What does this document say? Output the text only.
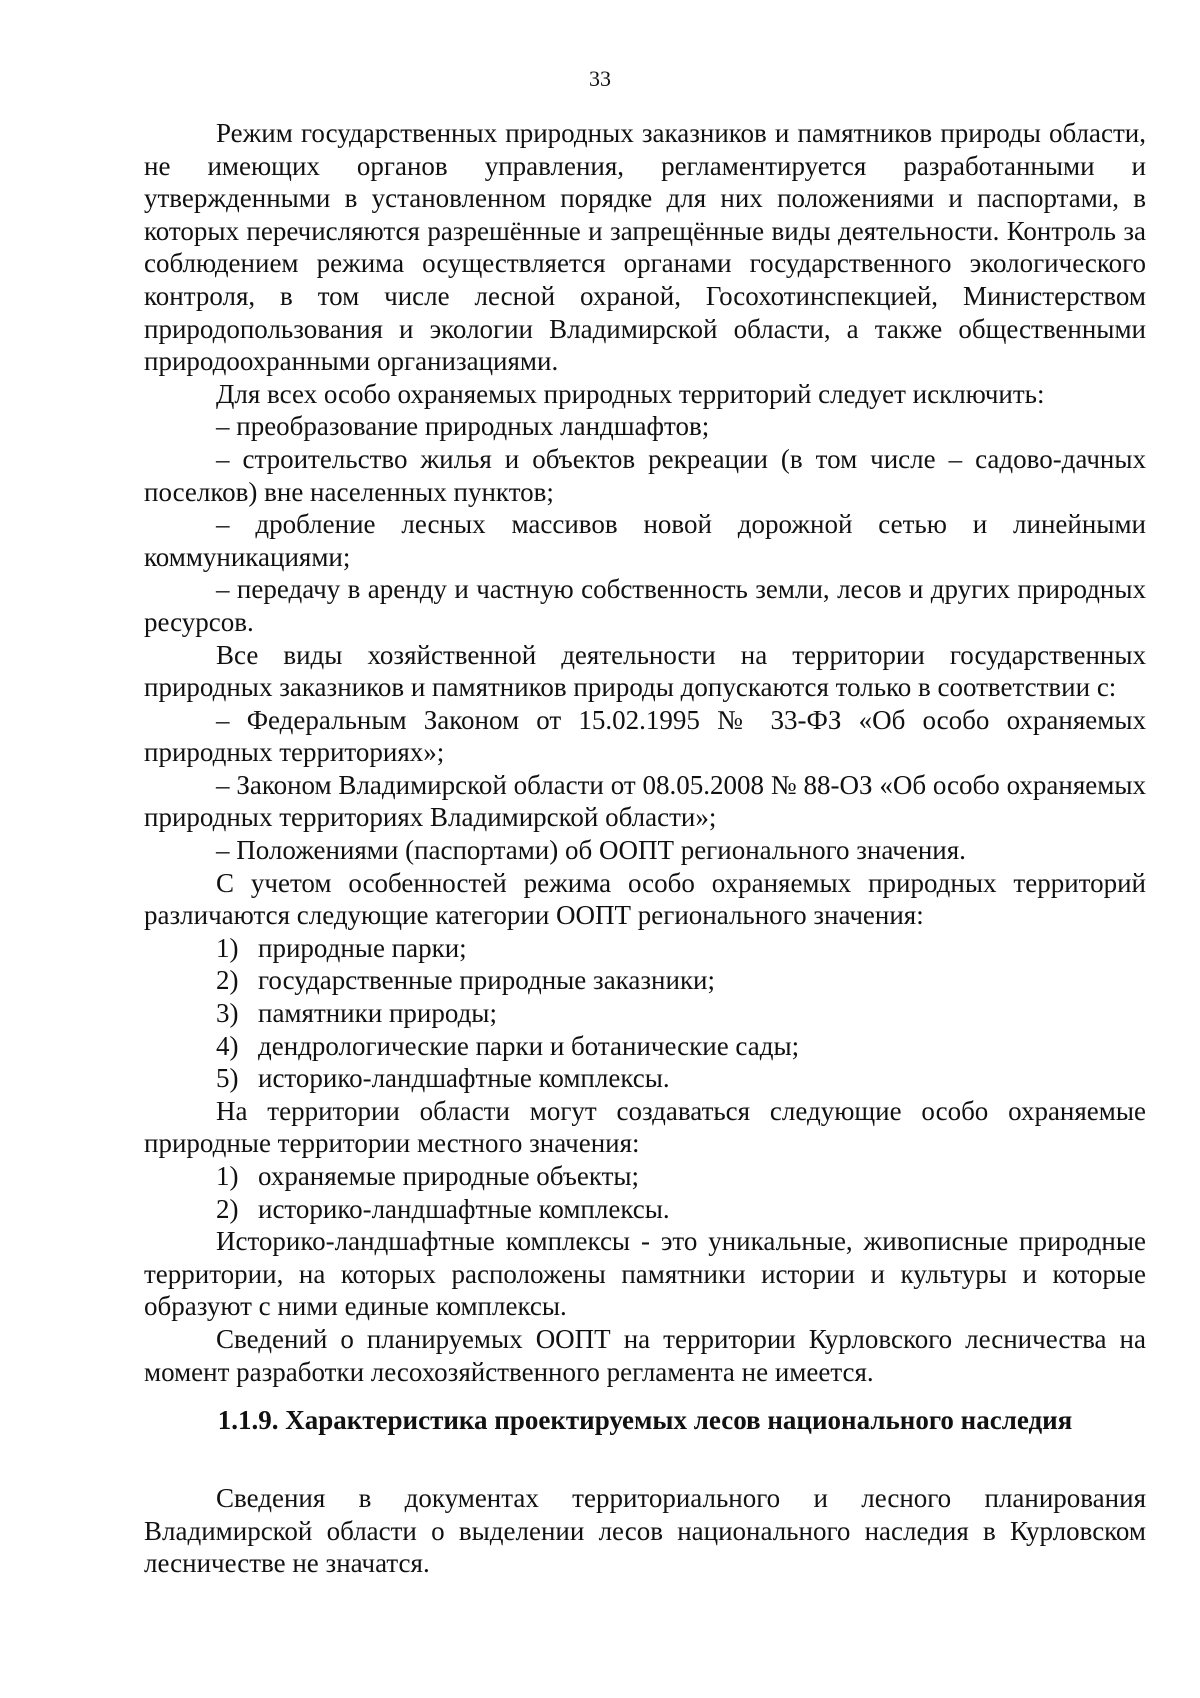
33

Режим государственных природных заказников и памятников природы области, не имеющих органов управления, регламентируется разработанными и утвержденными в установленном порядке для них положениями и паспортами, в которых перечисляются разрешённые и запрещённые виды деятельности. Контроль за соблюдением режима осуществляется органами государственного экологического контроля, в том числе лесной охраной, Госохотинспекцией, Министерством природопользования и экологии Владимирской области, а также общественными природоохранными организациями.

Для всех особо охраняемых природных территорий следует исключить:

– преобразование природных ландшафтов;

– строительство жилья и объектов рекреации (в том числе – садово-дачных поселков) вне населенных пунктов;

– дробление лесных массивов новой дорожной сетью и линейными коммуникациями;

– передачу в аренду и частную собственность земли, лесов и других природных ресурсов.

Все виды хозяйственной деятельности на территории государственных природных заказников и памятников природы допускаются только в соответствии с:

– Федеральным Законом от 15.02.1995 № 33-ФЗ «Об особо охраняемых природных территориях»;

– Законом Владимирской области от 08.05.2008 № 88-ОЗ «Об особо охраняемых природных территориях Владимирской области»;

– Положениями (паспортами) об ООПТ регионального значения.

С учетом особенностей режима особо охраняемых природных территорий различаются следующие категории ООПТ регионального значения:

1) природные парки;

2) государственные природные заказники;

3) памятники природы;

4) дендрологические парки и ботанические сады;

5) историко-ландшафтные комплексы.

На территории области могут создаваться следующие особо охраняемые природные территории местного значения:

1) охраняемые природные объекты;

2) историко-ландшафтные комплексы.

Историко-ландшафтные комплексы - это уникальные, живописные природные территории, на которых расположены памятники истории и культуры и которые образуют с ними единые комплексы.

Сведений о планируемых ООПТ на территории Курловского лесничества на момент разработки лесохозяйственного регламента не имеется.

1.1.9. Характеристика проектируемых лесов национального наследия

Сведения в документах территориального и лесного планирования Владимирской области о выделении лесов национального наследия в Курловском лесничестве не значатся.
